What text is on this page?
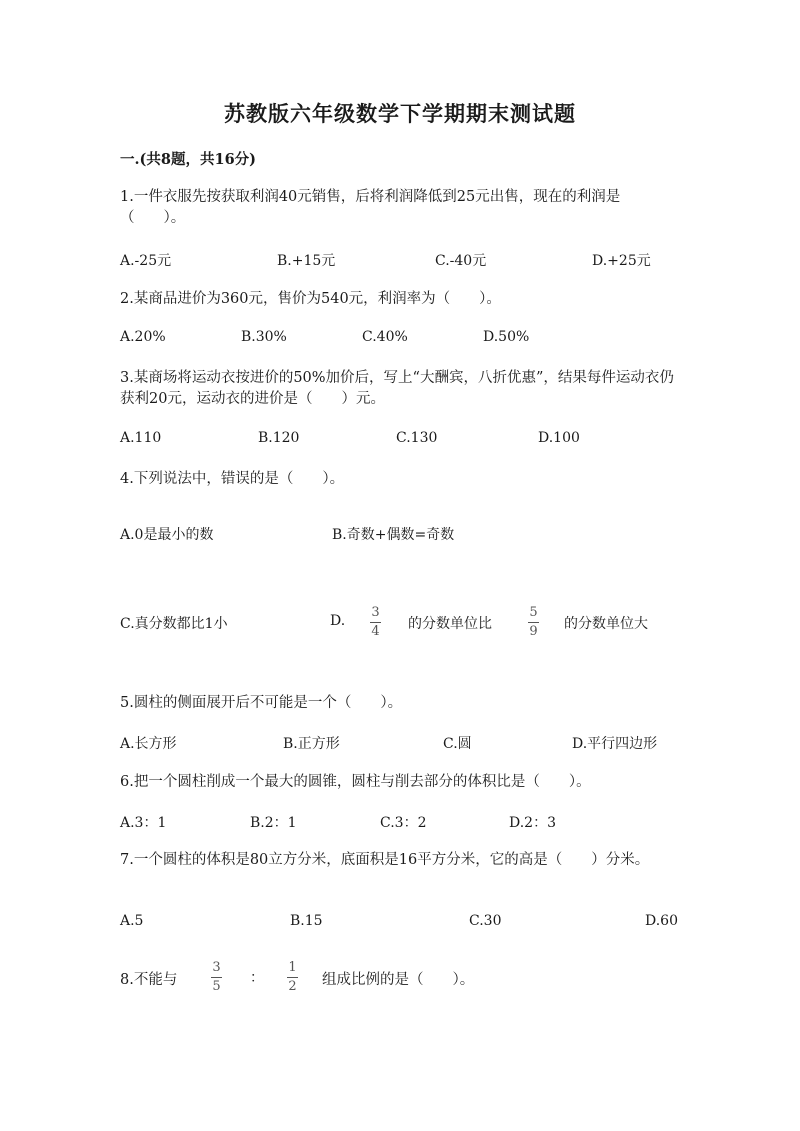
苏教版六年级数学下学期期末测试题
一.(共8题，共16分)
1.一件衣服先按获取利润40元销售，后将利润降低到25元出售，现在的利润是（　　）。
A.-25元	B.+15元	C.-40元	D.+25元
2.某商品进价为360元，售价为540元，利润率为（　　）。
A.20%	B.30%	C.40%	D.50%
3.某商场将运动衣按进价的50%加价后，写上“大酬宾，八折优惠”，结果每件运动衣仍获利20元，运动衣的进价是（　　）元。
A.110	B.120	C.130	D.100
4.下列说法中，错误的是（　　）。
A.0是最小的数	B.奇数+偶数=奇数
C.真分数都比1小	D.
3
4 的分数单位比
5
9 的分数单位大
5.圆柱的侧面展开后不可能是一个（　　）。
A.长方形	B.正方形	C.圆	D.平行四边形
6.把一个圆柱削成一个最大的圆锥，圆柱与削去部分的体积比是（　　）。
A.3：1	B.2：1	C.3：2	D.2：3
7.一个圆柱的体积是80立方分米，底面积是16平方分米，它的高是（　　）分米。
A.5	B.15	C.30	D.60
8.不能与
3
5
：
1
2 组成比例的是（　　）。
